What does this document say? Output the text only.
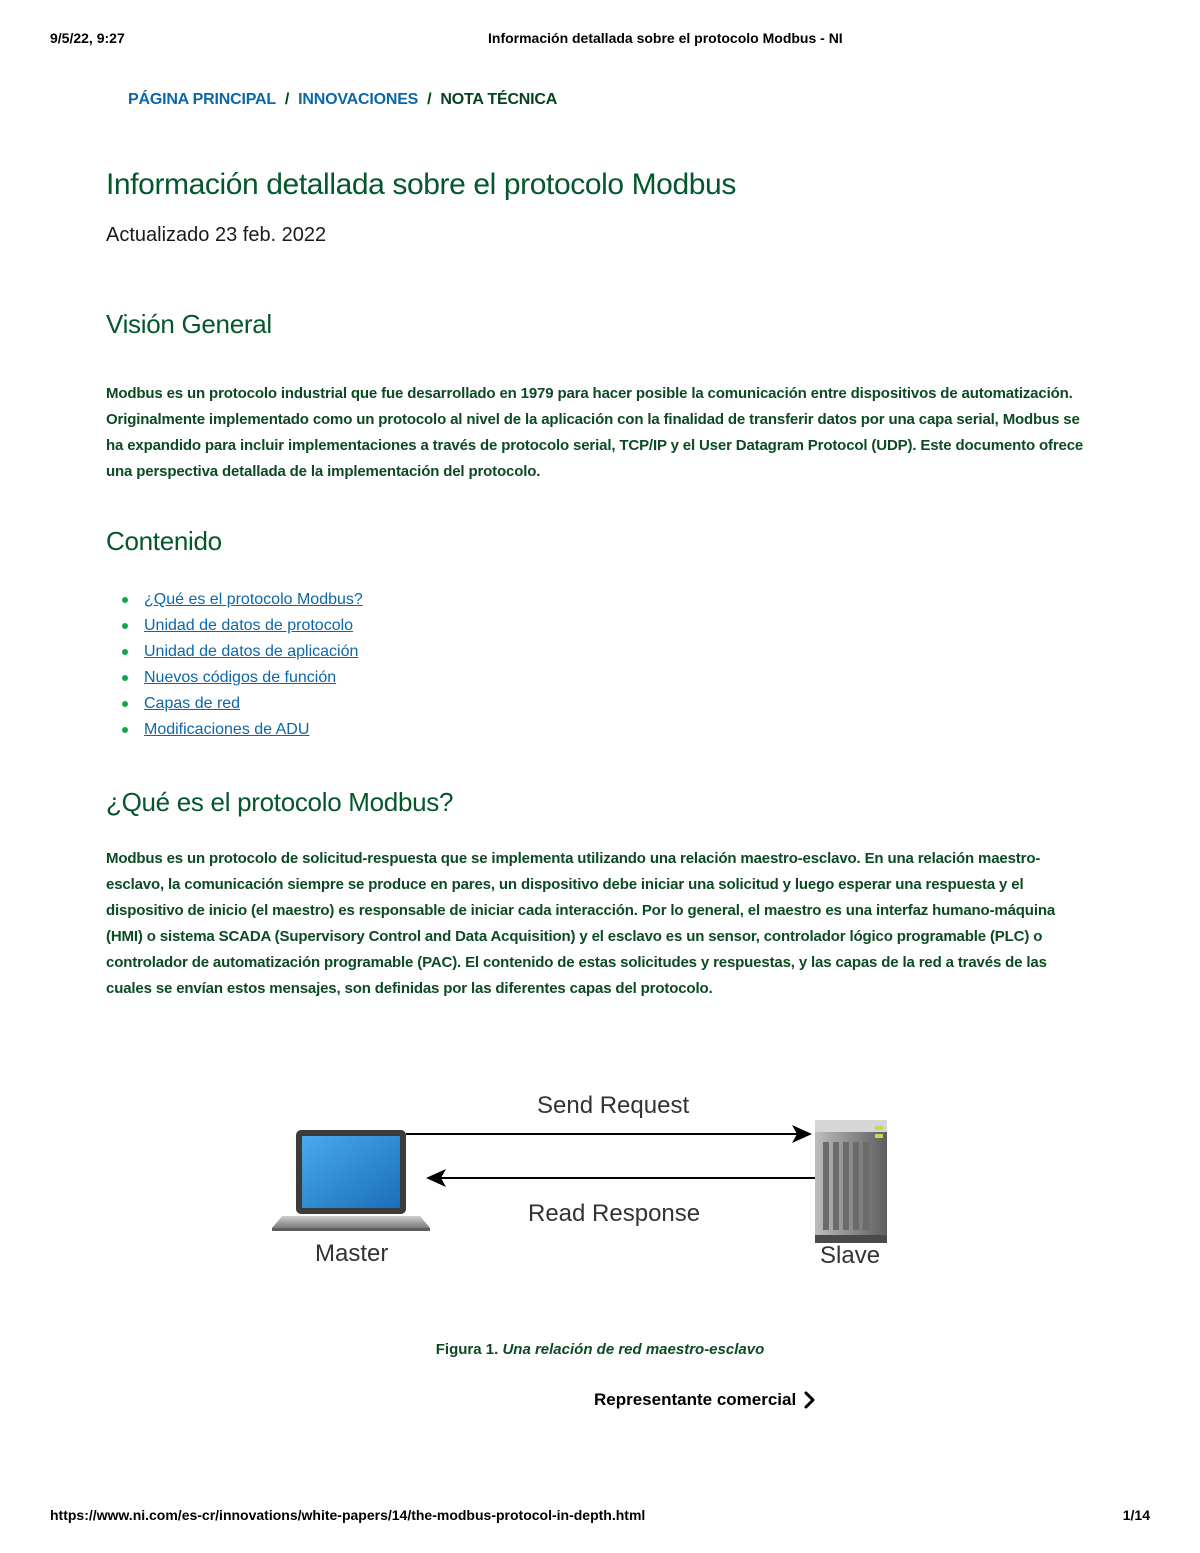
9/5/22, 9:27	Información detallada sobre el protocolo Modbus - NI
PÁGINA PRINCIPAL / INNOVACIONES / NOTA TÉCNICA
Información detallada sobre el protocolo Modbus

Actualizado 23 feb. 2022

Visión General

Modbus es un protocolo industrial que fue desarrollado en 1979 para hacer posible la comunicación entre dispositivos de automatización. Originalmente implementado como un protocolo al nivel de la aplicación con la finalidad de transferir datos por una capa serial, Modbus se ha expandido para incluir implementaciones a través de protocolo serial, TCP/IP y el User Datagram Protocol (UDP). Este documento ofrece una perspectiva detallada de la implementación del protocolo.

Contenido
¿Qué es el protocolo Modbus?
Unidad de datos de protocolo
Unidad de datos de aplicación
Nuevos códigos de función
Capas de red
Modificaciones de ADU
¿Qué es el protocolo Modbus?

Modbus es un protocolo de solicitud-respuesta que se implementa utilizando una relación maestro-esclavo. En una relación maestro-esclavo, la comunicación siempre se produce en pares, un dispositivo debe iniciar una solicitud y luego esperar una respuesta y el dispositivo de inicio (el maestro) es responsable de iniciar cada interacción. Por lo general, el maestro es una interfaz humano-máquina (HMI) o sistema SCADA (Supervisory Control and Data Acquisition) y el esclavo es un sensor, controlador lógico programable (PLC) o controlador de automatización programable (PAC). El contenido de estas solicitudes y respuestas, y las capas de la red a través de las cuales se envían estos mensajes, son definidas por las diferentes capas del protocolo.

Send Request
Read Response
Master	Slave
Figura 1. Una relación de red maestro-esclavo
Representante comercial
https://www.ni.com/es-cr/innovations/white-papers/14/the-modbus-protocol-in-depth.html	1/14
